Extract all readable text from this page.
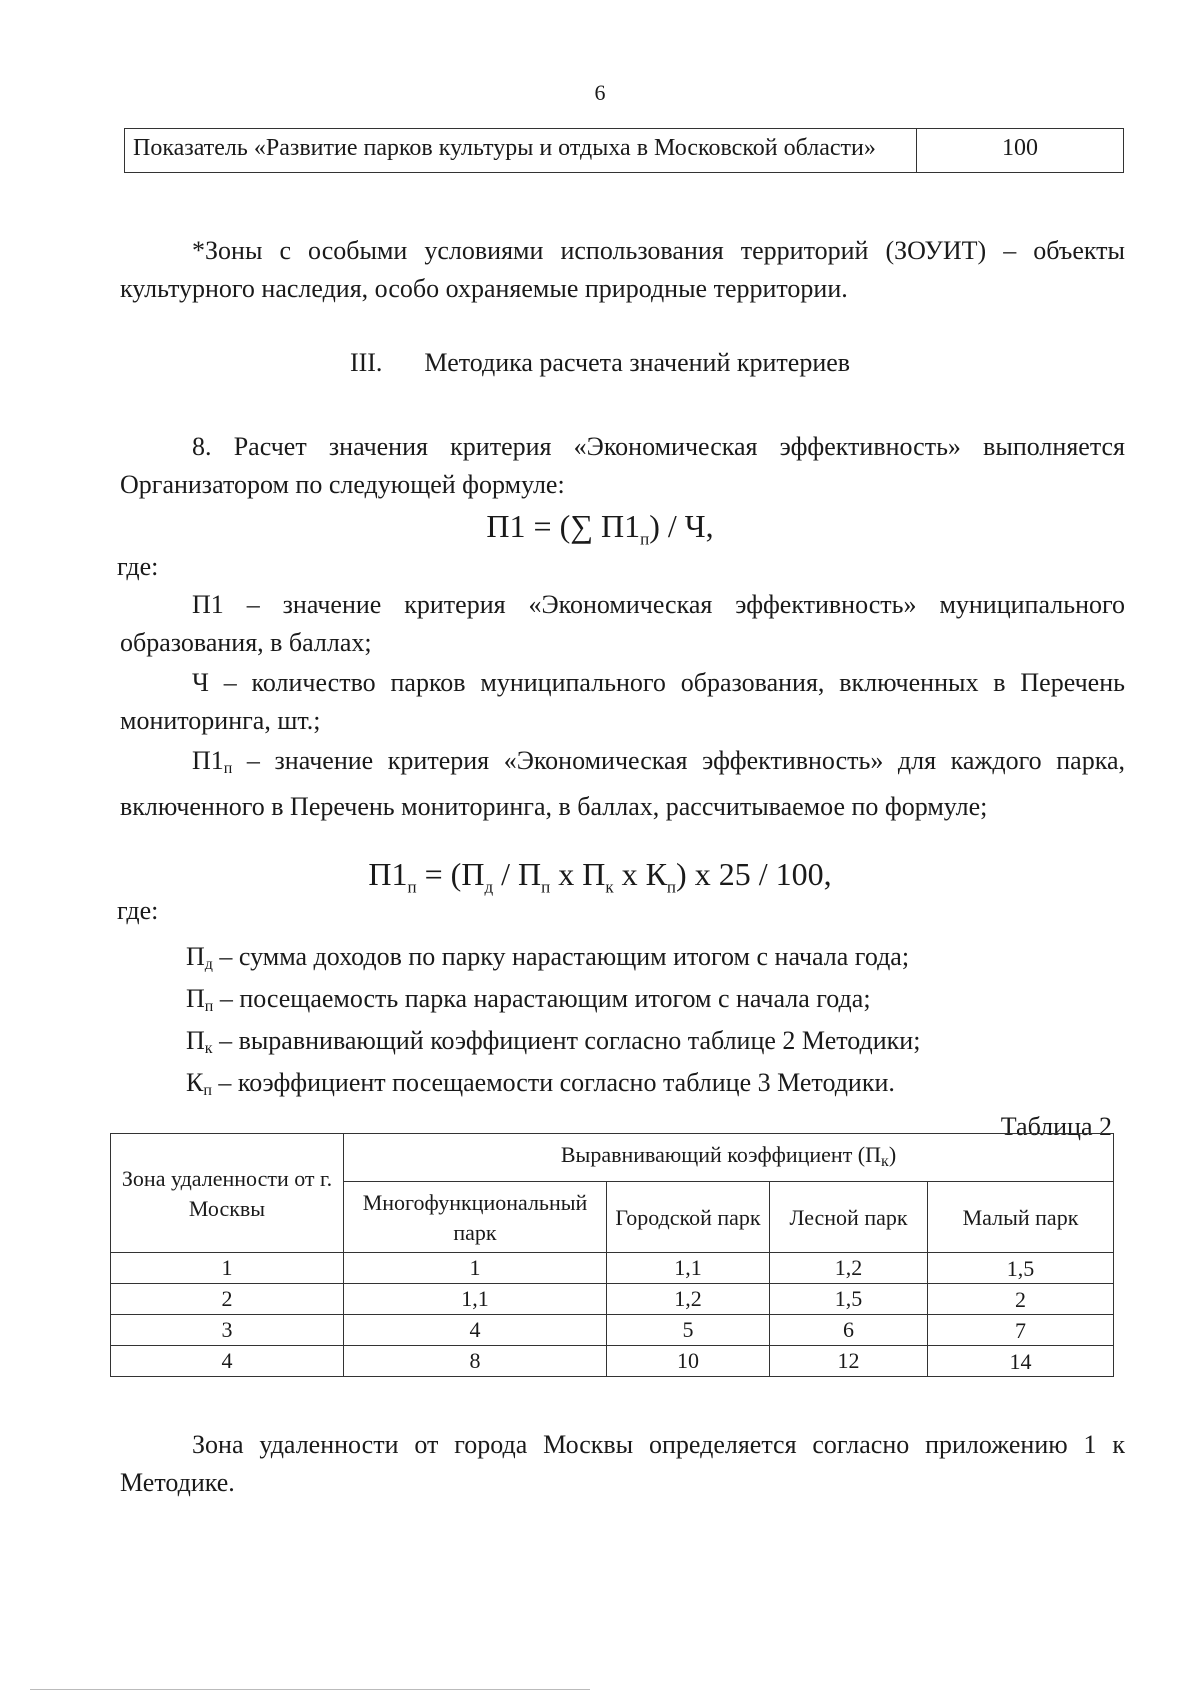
6
Показатель «Развитие парков культуры и отдыха в Московской области»	100
*Зоны с особыми условиями использования территорий (ЗОУИТ) – объекты культурного наследия, особо охраняемые природные территории.
III. Методика расчета значений критериев
8. Расчет значения критерия «Экономическая эффективность» выполняется Организатором по следующей формуле:
П1 = (∑ $П1_п$) / Ч,
где:
П1 – значение критерия «Экономическая эффективность» муниципального образования, в баллах;
Ч – количество парков муниципального образования, включенных в Перечень мониторинга, шт.;
П1п – значение критерия «Экономическая эффективность» для каждого парка, включенного в Перечень мониторинга, в баллах, рассчитываемое по формуле;
$П1_п = (П_д / П_п$ x $П_к$ x $К_п$) x 25 / 100,
где:
Пд – сумма доходов по парку нарастающим итогом с начала года;
Пп – посещаемость парка нарастающим итогом с начала года;
Пк – выравнивающий коэффициент согласно таблице 2 Методики;
Кп – коэффициент посещаемости согласно таблице 3 Методики.
Таблица 2
Зона удаленности от г. Москвы	Выравнивающий коэффициент (Пк)			
	Многофункциональный парк	Городской парк	Лесной парк	Малый парк
1	1	1,1	1,2	1,5
2	1,1	1,2	1,5	2
3	4	5	6	7
4	8	10	12	14
Зона удаленности от города Москвы определяется согласно приложению 1 к Методике.
